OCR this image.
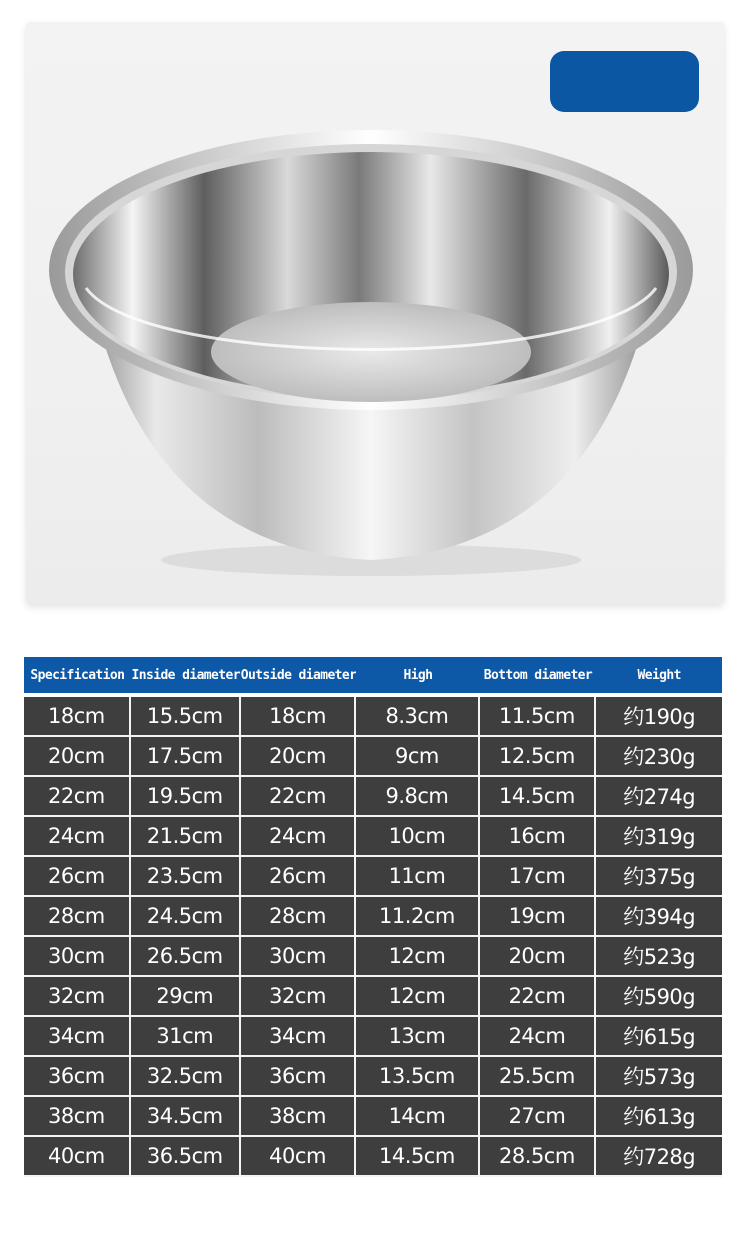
Specification	Inside diameter	Outside diameter	High	Bottom diameter	Weight

18cm	15.5cm	18cm	8.3cm	11.5cm	约190g
20cm	17.5cm	20cm	9cm	12.5cm	约230g
22cm	19.5cm	22cm	9.8cm	14.5cm	约274g
24cm	21.5cm	24cm	10cm	16cm	约319g
26cm	23.5cm	26cm	11cm	17cm	约375g
28cm	24.5cm	28cm	11.2cm	19cm	约394g
30cm	26.5cm	30cm	12cm	20cm	约523g
32cm	29cm	32cm	12cm	22cm	约590g
34cm	31cm	34cm	13cm	24cm	约615g
36cm	32.5cm	36cm	13.5cm	25.5cm	约573g
38cm	34.5cm	38cm	14cm	27cm	约613g
40cm	36.5cm	40cm	14.5cm	28.5cm	约728g
